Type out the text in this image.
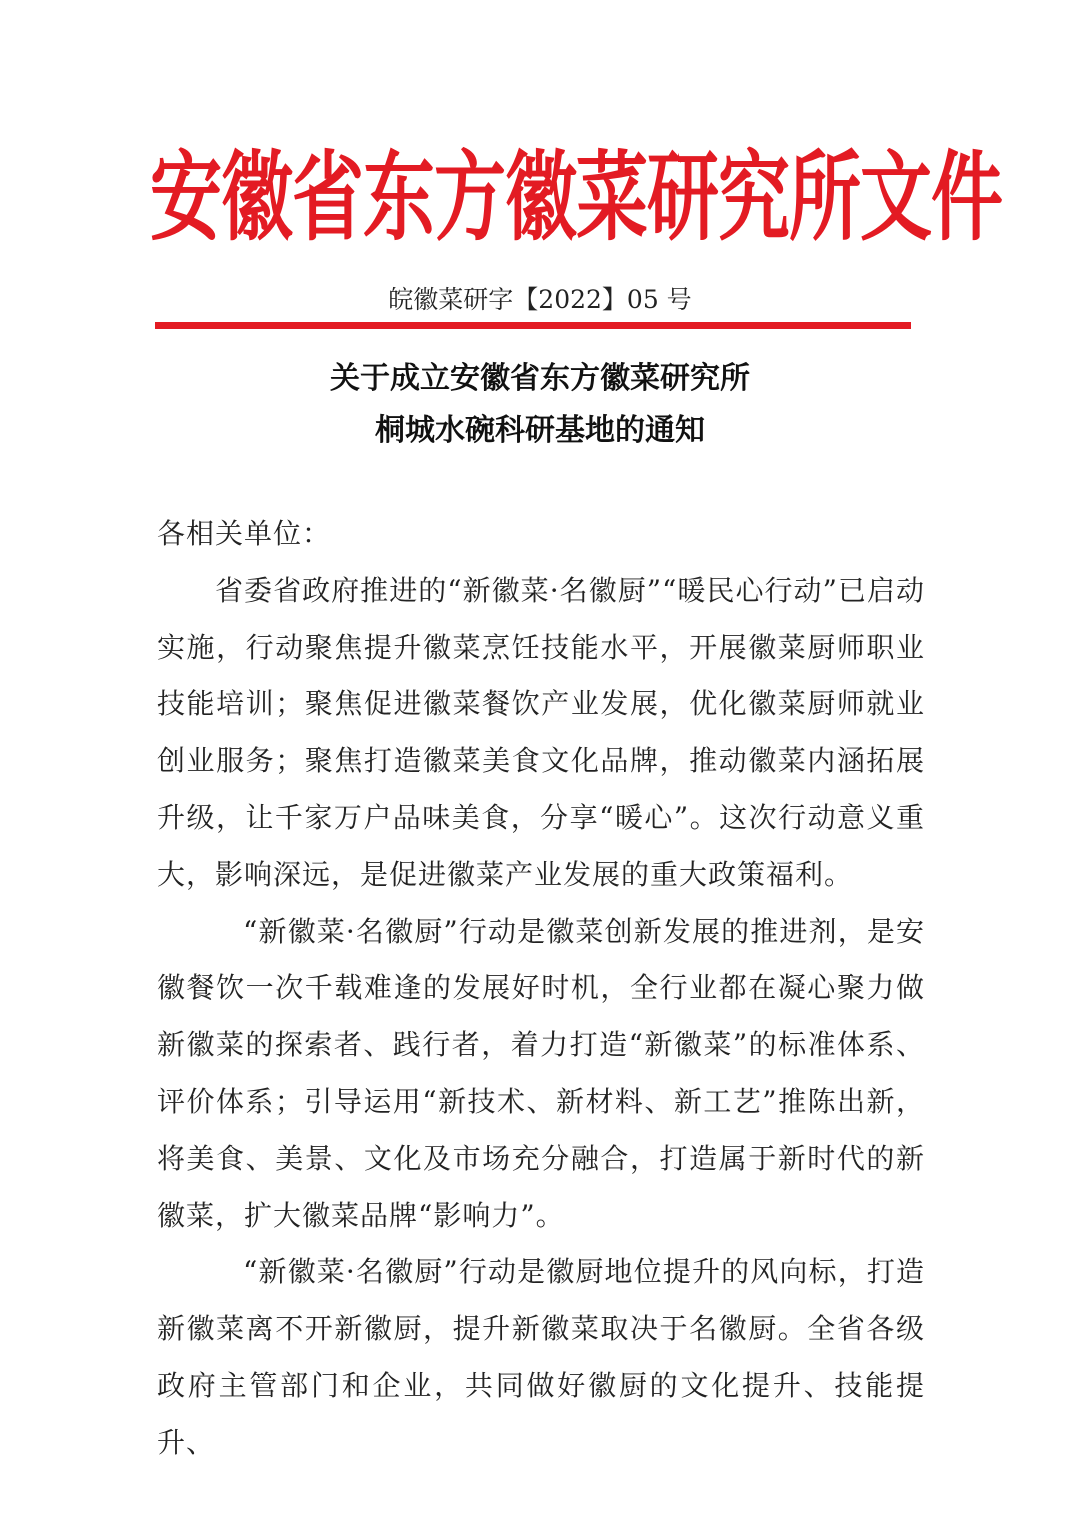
安徽省东方徽菜研究所文件
皖徽菜研字【2022】05 号
关于成立安徽省东方徽菜研究所
桐城水碗科研基地的通知

各相关单位：

省委省政府推进的“新徽菜·名徽厨”“暖民心行动”已启动实施，行动聚焦提升徽菜烹饪技能水平，开展徽菜厨师职业技能培训；聚焦促进徽菜餐饮产业发展，优化徽菜厨师就业创业服务；聚焦打造徽菜美食文化品牌，推动徽菜内涵拓展升级，让千家万户品味美食，分享“暖心”。这次行动意义重大，影响深远，是促进徽菜产业发展的重大政策福利。

“新徽菜·名徽厨”行动是徽菜创新发展的推进剂，是安徽餐饮一次千载难逢的发展好时机，全行业都在凝心聚力做新徽菜的探索者、践行者，着力打造“新徽菜”的标准体系、评价体系；引导运用“新技术、新材料、新工艺”推陈出新，将美食、美景、文化及市场充分融合，打造属于新时代的新徽菜，扩大徽菜品牌“影响力”。

“新徽菜·名徽厨”行动是徽厨地位提升的风向标，打造新徽菜离不开新徽厨，提升新徽菜取决于名徽厨。全省各级政府主管部门和企业，共同做好徽厨的文化提升、技能提升、
